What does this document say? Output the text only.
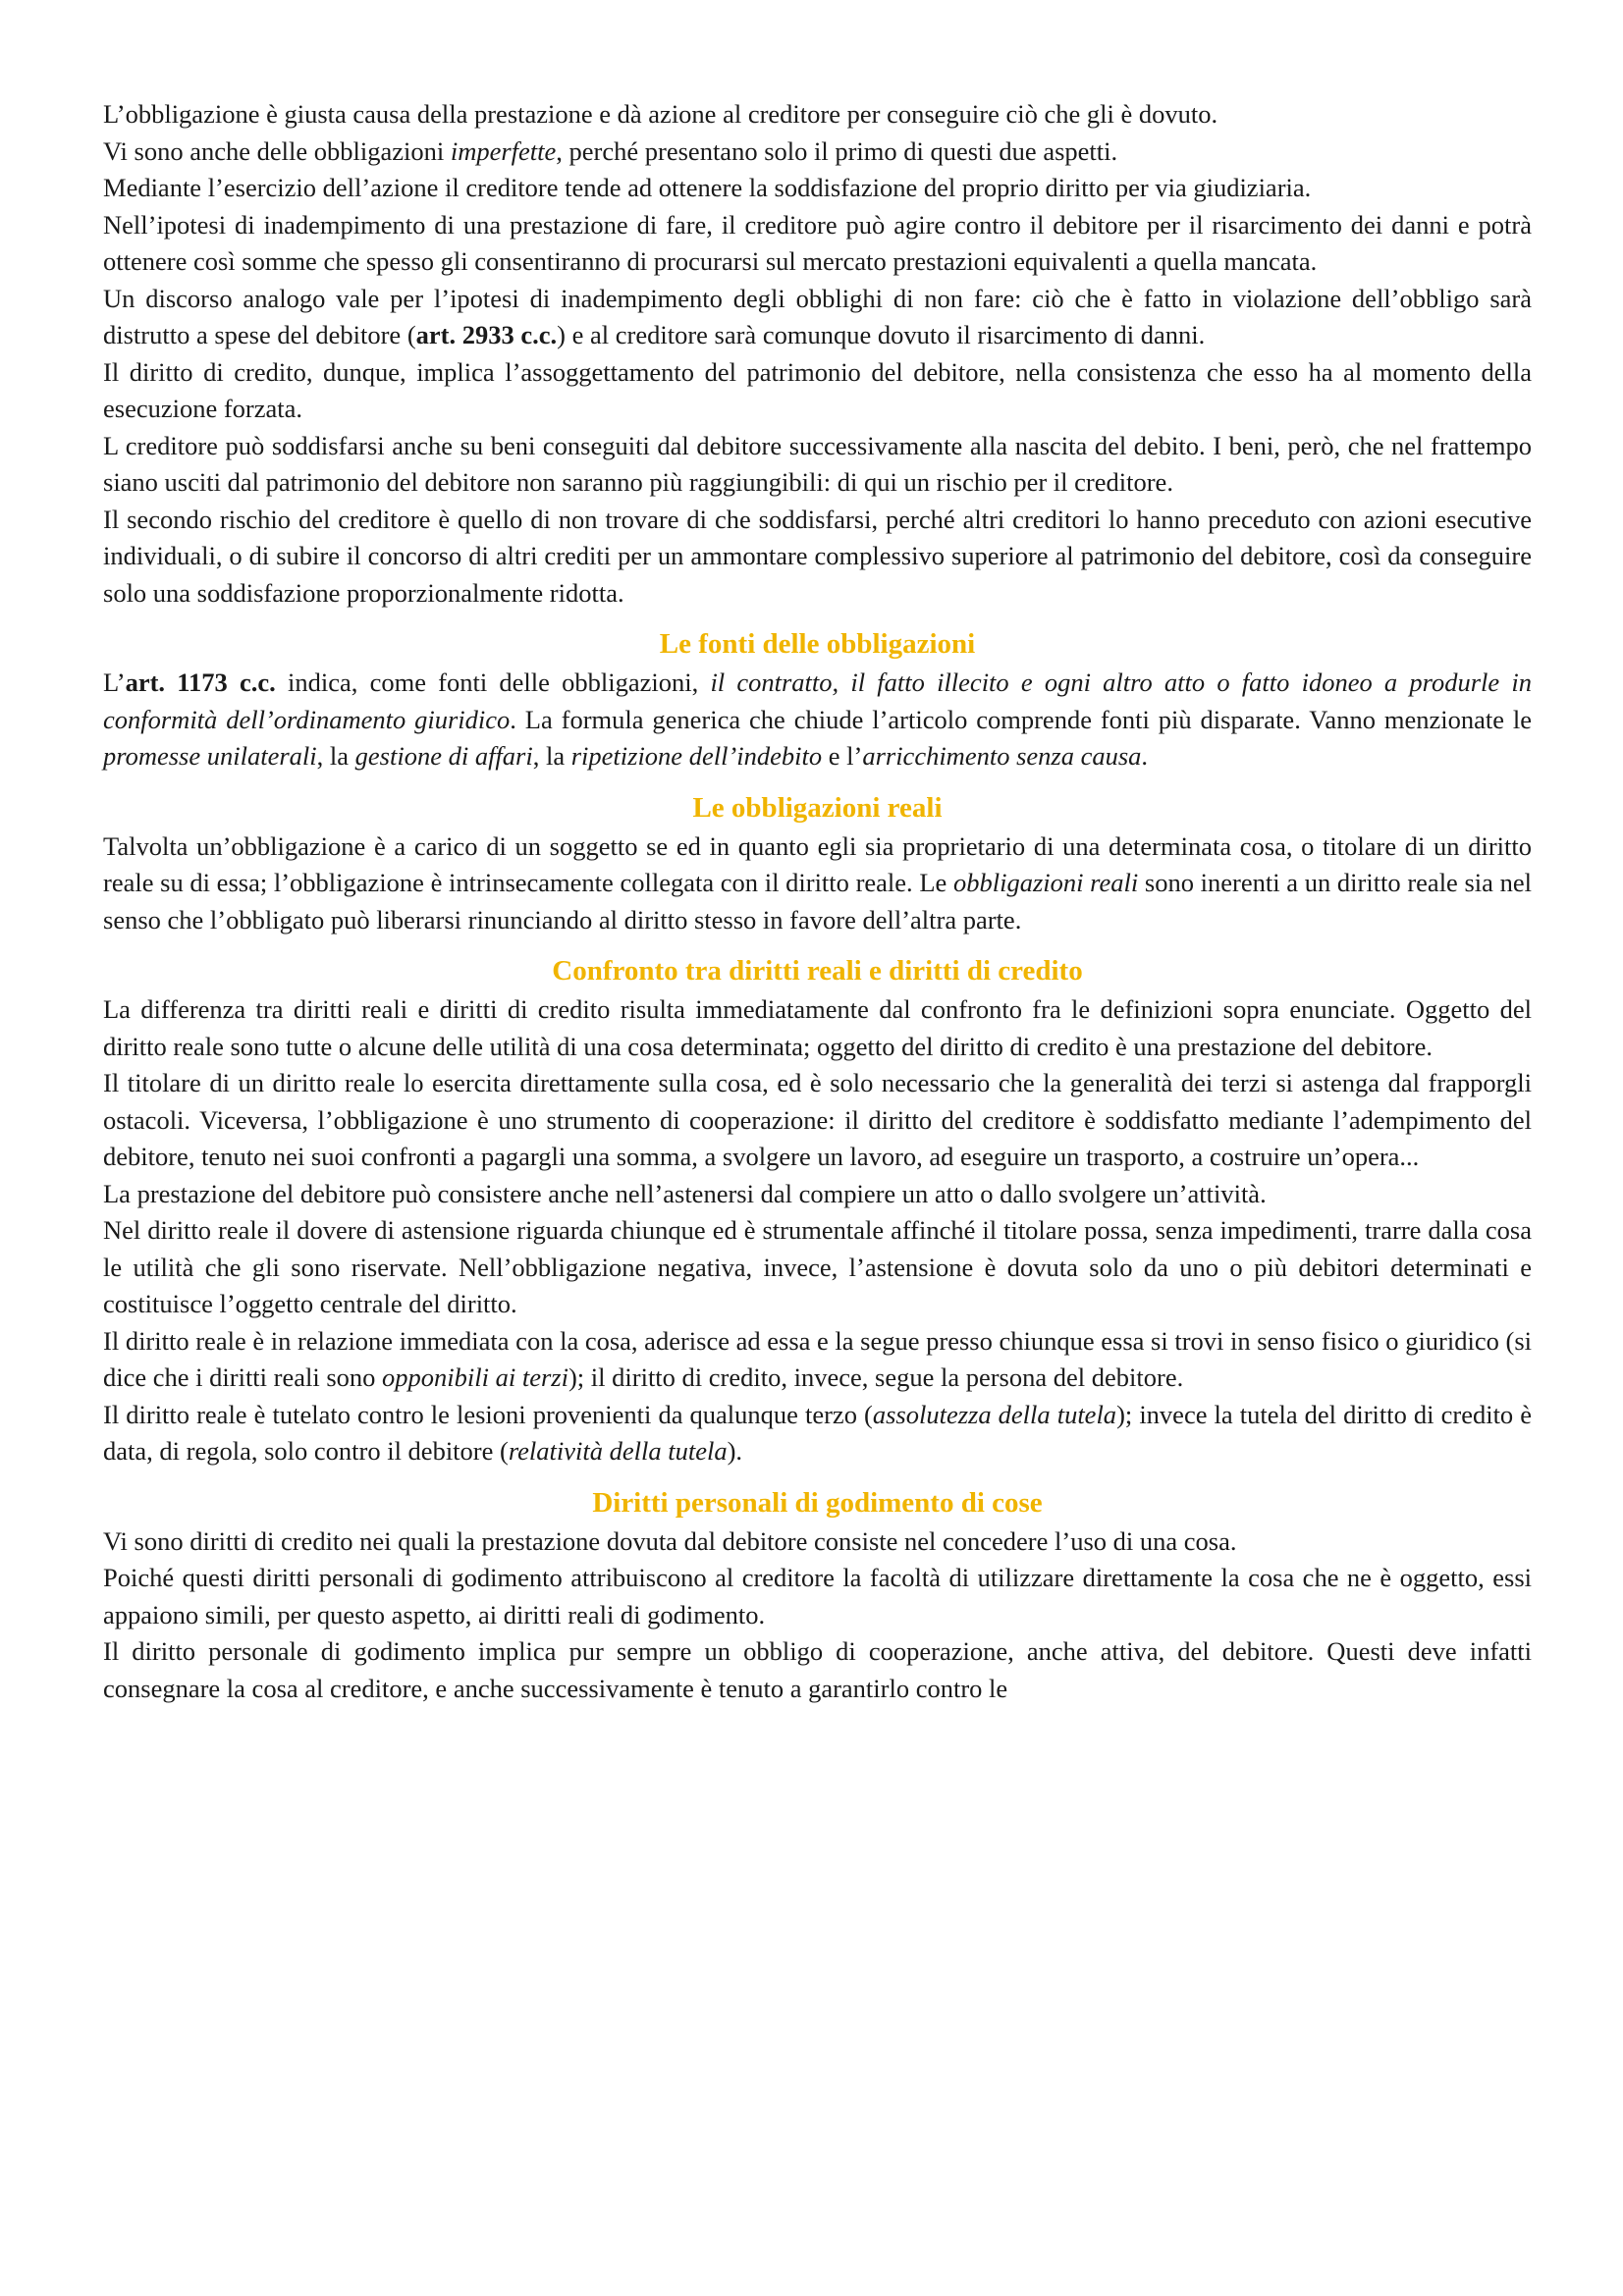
L’obbligazione è giusta causa della prestazione e dà azione al creditore per conseguire ciò che gli è dovuto.

Vi sono anche delle obbligazioni imperfette, perché presentano solo il primo di questi due aspetti.

Mediante l’esercizio dell’azione il creditore tende ad ottenere la soddisfazione del proprio diritto per via giudiziaria.

Nell’ipotesi di inadempimento di una prestazione di fare, il creditore può agire contro il debitore per il risarcimento dei danni e potrà ottenere così somme che spesso gli consentiranno di procurarsi sul mercato prestazioni equivalenti a quella mancata.

Un discorso analogo vale per l’ipotesi di inadempimento degli obblighi di non fare: ciò che è fatto in violazione dell’obbligo sarà distrutto a spese del debitore (art. 2933 c.c.) e al creditore sarà comunque dovuto il risarcimento di danni.

Il diritto di credito, dunque, implica l’assoggettamento del patrimonio del debitore, nella consistenza che esso ha al momento della esecuzione forzata.

L creditore può soddisfarsi anche su beni conseguiti dal debitore successivamente alla nascita del debito. I beni, però, che nel frattempo siano usciti dal patrimonio del debitore non saranno più raggiungibili: di qui un rischio per il creditore.

Il secondo rischio del creditore è quello di non trovare di che soddisfarsi, perché altri creditori lo hanno preceduto con azioni esecutive individuali, o di subire il concorso di altri crediti per un ammontare complessivo superiore al patrimonio del debitore, così da conseguire solo una soddisfazione proporzionalmente ridotta.

Le fonti delle obbligazioni

L’art. 1173 c.c. indica, come fonti delle obbligazioni, il contratto, il fatto illecito e ogni altro atto o fatto idoneo a produrle in conformità dell’ordinamento giuridico. La formula generica che chiude l’articolo comprende fonti più disparate. Vanno menzionate le promesse unilaterali, la gestione di affari, la ripetizione dell’indebito e l’arricchimento senza causa.

Le obbligazioni reali

Talvolta un’obbligazione è a carico di un soggetto se ed in quanto egli sia proprietario di una determinata cosa, o titolare di un diritto reale su di essa; l’obbligazione è intrinsecamente collegata con il diritto reale. Le obbligazioni reali sono inerenti a un diritto reale sia nel senso che l’obbligato può liberarsi rinunciando al diritto stesso in favore dell’altra parte.

Confronto tra diritti reali e diritti di credito

La differenza tra diritti reali e diritti di credito risulta immediatamente dal confronto fra le definizioni sopra enunciate. Oggetto del diritto reale sono tutte o alcune delle utilità di una cosa determinata; oggetto del diritto di credito è una prestazione del debitore.

Il titolare di un diritto reale lo esercita direttamente sulla cosa, ed è solo necessario che la generalità dei terzi si astenga dal frapporgli ostacoli. Viceversa, l’obbligazione è uno strumento di cooperazione: il diritto del creditore è soddisfatto mediante l’adempimento del debitore, tenuto nei suoi confronti a pagargli una somma, a svolgere un lavoro, ad eseguire un trasporto, a costruire un’opera...

La prestazione del debitore può consistere anche nell’astenersi dal compiere un atto o dallo svolgere un’attività.

Nel diritto reale il dovere di astensione riguarda chiunque ed è strumentale affinché il titolare possa, senza impedimenti, trarre dalla cosa le utilità che gli sono riservate. Nell’obbligazione negativa, invece, l’astensione è dovuta solo da uno o più debitori determinati e costituisce l’oggetto centrale del diritto.

Il diritto reale è in relazione immediata con la cosa, aderisce ad essa e la segue presso chiunque essa si trovi in senso fisico o giuridico (si dice che i diritti reali sono opponibili ai terzi); il diritto di credito, invece, segue la persona del debitore.

Il diritto reale è tutelato contro le lesioni provenienti da qualunque terzo (assolutezza della tutela); invece la tutela del diritto di credito è data, di regola, solo contro il debitore (relatività della tutela).

Diritti personali di godimento di cose

Vi sono diritti di credito nei quali la prestazione dovuta dal debitore consiste nel concedere l’uso di una cosa.

Poiché questi diritti personali di godimento attribuiscono al creditore la facoltà di utilizzare direttamente la cosa che ne è oggetto, essi appaiono simili, per questo aspetto, ai diritti reali di godimento.

Il diritto personale di godimento implica pur sempre un obbligo di cooperazione, anche attiva, del debitore. Questi deve infatti consegnare la cosa al creditore, e anche successivamente è tenuto a garantirlo contro le
